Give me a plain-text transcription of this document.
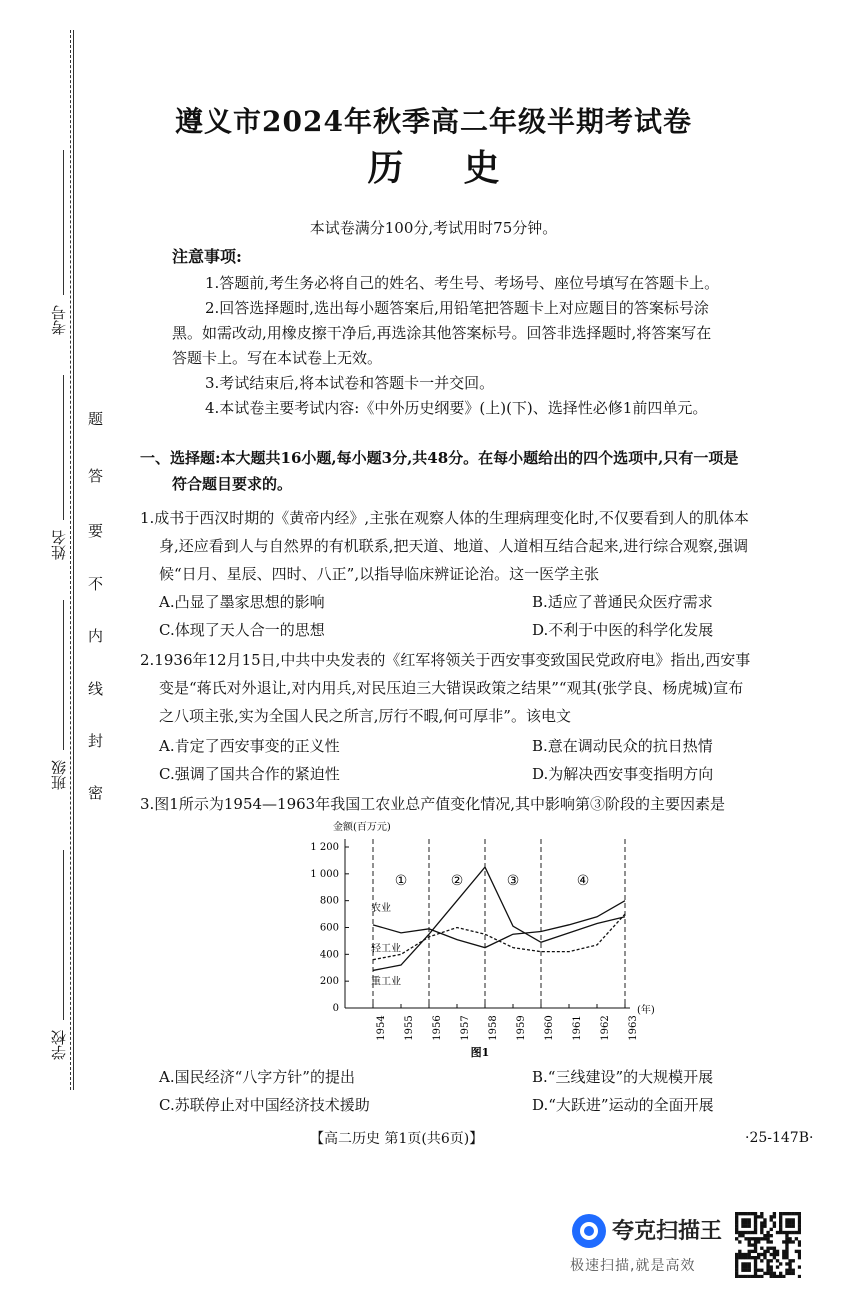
考号
姓名
班级
学校
题
答
要
不
内
线
封
密
遵义市2024年秋季高二年级半期考试卷
历史
本试卷满分100分,考试用时75分钟。
注意事项:
1.答题前,考生务必将自己的姓名、考生号、考场号、座位号填写在答题卡上。
2.回答选择题时,选出每小题答案后,用铅笔把答题卡上对应题目的答案标号涂
黑。如需改动,用橡皮擦干净后,再选涂其他答案标号。回答非选择题时,将答案写在
答题卡上。写在本试卷上无效。
3.考试结束后,将本试卷和答题卡一并交回。
4.本试卷主要考试内容:《中外历史纲要》(上)(下)、选择性必修1前四单元。
一、选择题:本大题共16小题,每小题3分,共48分。在每小题给出的四个选项中,只有一项是
符合题目要求的。
1.成书于西汉时期的《黄帝内经》,主张在观察人体的生理病理变化时,不仅要看到人的肌体本
身,还应看到人与自然界的有机联系,把天道、地道、人道相互结合起来,进行综合观察,强调
候“日月、星辰、四时、八正”,以指导临床辨证论治。这一医学主张
A.凸显了墨家思想的影响	B.适应了普通民众医疗需求
C.体现了天人合一的思想	D.不利于中医的科学化发展
2.1936年12月15日,中共中央发表的《红军将领关于西安事变致国民党政府电》指出,西安事
变是“蒋氏对外退让,对内用兵,对民压迫三大错误政策之结果”“观其(张学良、杨虎城)宣布
之八项主张,实为全国人民之所言,厉行不暇,何可厚非”。该电文
A.肯定了西安事变的正义性	B.意在调动民众的抗日热情
C.强调了国共合作的紧迫性	D.为解决西安事变指明方向
3.图1所示为1954—1963年我国工农业总产值变化情况,其中影响第③阶段的主要因素是
金额(百万元)
0
200
400
600
800
1 000
1 200
①	②	③	④
1954 1955 1956 1957 1958 1959 1960 1961 1962 1963
(年)
农业
轻工业
重工业
图1
A.国民经济“八字方针”的提出	B.“三线建设”的大规模开展
C.苏联停止对中国经济技术援助	D.“大跃进”运动的全面开展
【高二历史 第1页(共6页)】	·25-147B·
夸克扫描王
极速扫描,就是高效
